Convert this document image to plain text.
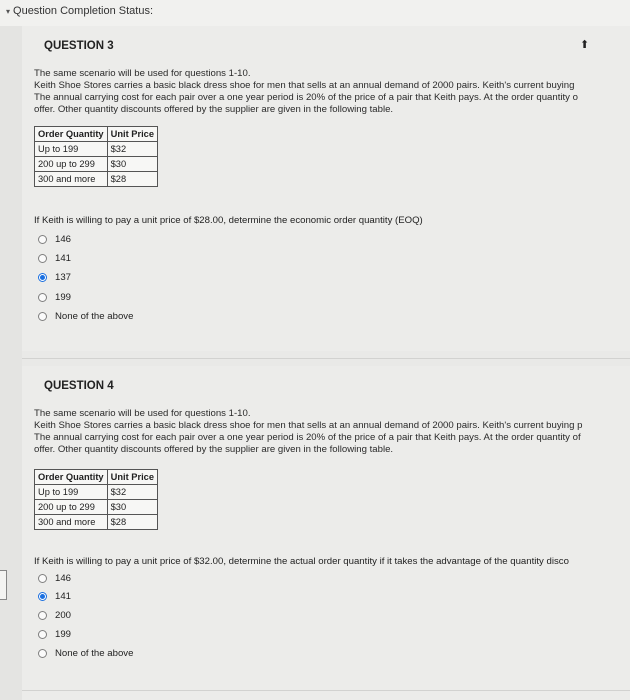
▾ Question Completion Status:
QUESTION 3	⬆
The same scenario will be used for questions 1-10.
Keith Shoe Stores carries a basic black dress shoe for men that sells at an annual demand of 2000 pairs. Keith's current buying
The annual carrying cost for each pair over a one year period is 20% of the price of a pair that Keith pays. At the order quantity o
offer. Other quantity discounts offered by the supplier are given in the following table.
Order Quantity	Unit Price
Up to 199	$32
200 up to 299	$30
300 and more	$28
If Keith is willing to pay a unit price of $28.00, determine the economic order quantity (EOQ)
146
141
137
199
None of the above
QUESTION 4
The same scenario will be used for questions 1-10.
Keith Shoe Stores carries a basic black dress shoe for men that sells at an annual demand of 2000 pairs. Keith's current buying p
The annual carrying cost for each pair over a one year period is 20% of the price of a pair that Keith pays. At the order quantity of
offer. Other quantity discounts offered by the supplier are given in the following table.
Order Quantity	Unit Price
Up to 199	$32
200 up to 299	$30
300 and more	$28
If Keith is willing to pay a unit price of $32.00, determine the actual order quantity if it takes the advantage of the quantity disco
146
141
200
199
None of the above
